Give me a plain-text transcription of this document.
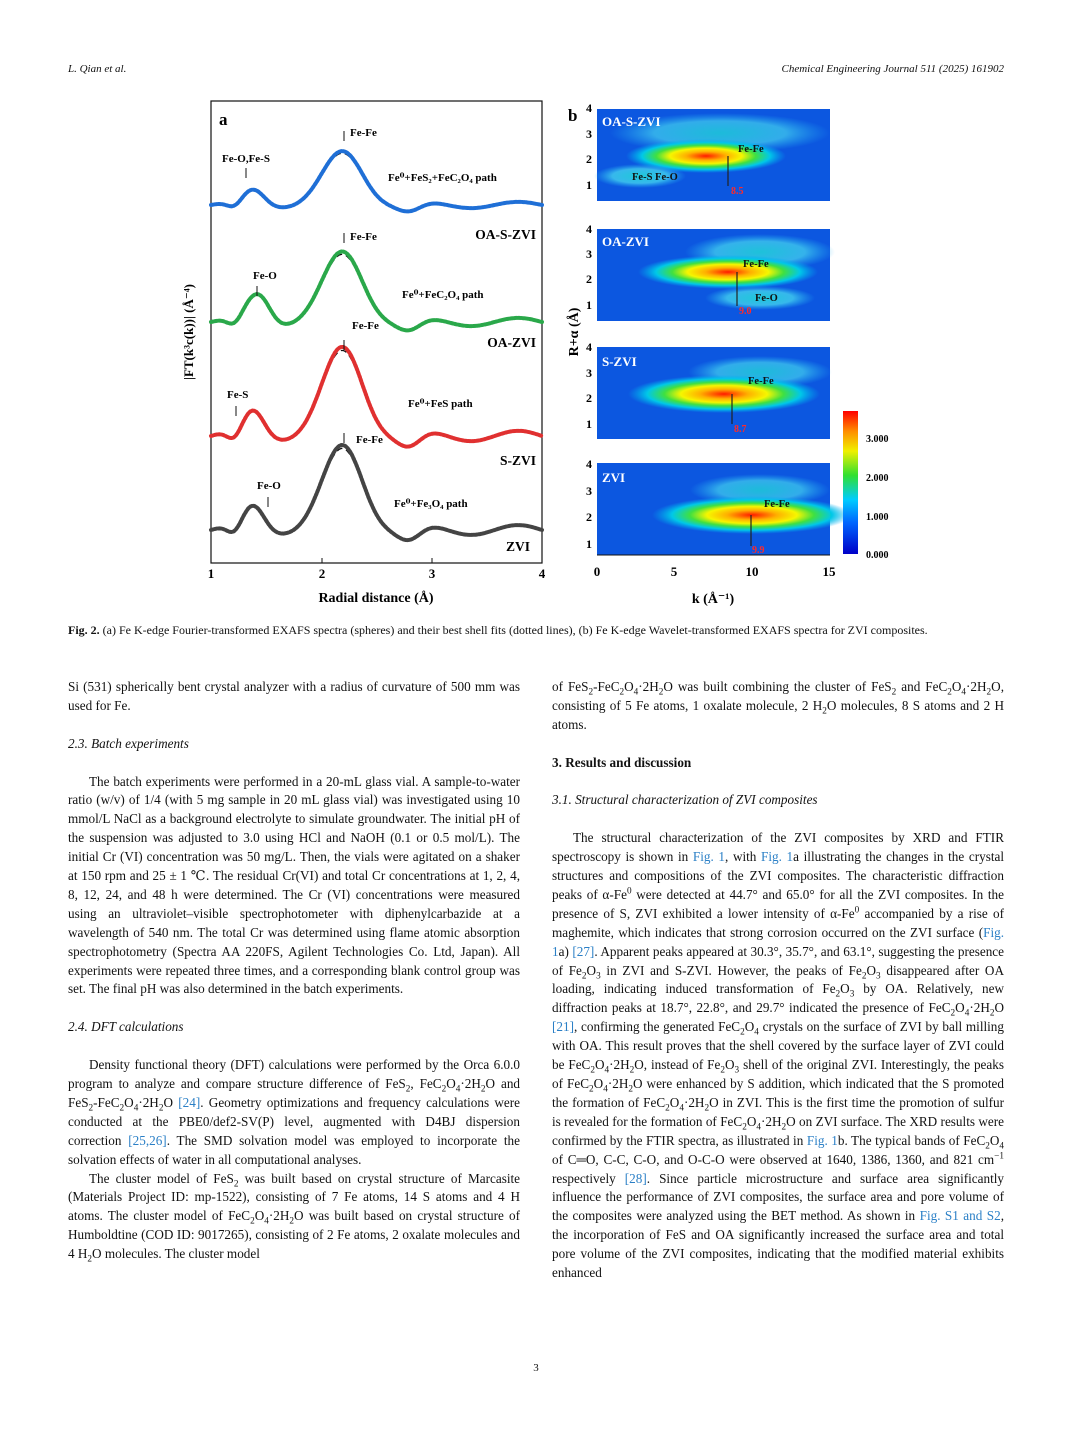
L. Qian et al.	Chemical Engineering Journal 511 (2025) 161902
a
Fe-Fe
Fe-O,Fe-S
Fe⁰+FeS₂+FeC₂O₄ path
OA-S-ZVI
Fe-Fe
Fe-O
Fe⁰+FeC₂O₄ path
OA-ZVI
Fe-Fe
Fe-S
Fe⁰+FeS path
S-ZVI
Fe-Fe
Fe-O
Fe⁰+Fe₃O₄ path
ZVI
1	2	3	4
Radial distance (Å)
|FT(k³c(k))| (Å⁻⁴)
b OA-S-ZVI
Fe-Fe
Fe-S Fe-O
8.5
OA-ZVI
Fe-Fe
Fe-O
9.0
S-ZVI
Fe-Fe
8.7
ZVI
Fe-Fe
9.9
4
3
2
1
4
3
2
1
4
3
2
1
4
3
2
1
R+α (Å)
0	5	10	15
k (Å⁻¹)
3.000
2.000
1.000
0.000
Fig. 2. (a) Fe K-edge Fourier-transformed EXAFS spectra (spheres) and their best shell fits (dotted lines), (b) Fe K-edge Wavelet-transformed EXAFS spectra for ZVI composites.

Si (531) spherically bent crystal analyzer with a radius of curvature of 500 mm was used for Fe.

2.3. Batch experiments

The batch experiments were performed in a 20-mL glass vial. A sample-to-water ratio (w/v) of 1/4 (with 5 mg sample in 20 mL glass vial) was investigated using 10 mmol/L NaCl as a background electrolyte to simulate groundwater. The initial pH of the suspension was adjusted to 3.0 using HCl and NaOH (0.1 or 0.5 mol/L). The initial Cr (VI) concentration was 50 mg/L. Then, the vials were agitated on a shaker at 150 rpm and 25 ± 1 ℃. The residual Cr(VI) and total Cr concentrations at 1, 2, 4, 8, 12, 24, and 48 h were determined. The Cr (VI) concentrations were measured using an ultraviolet–visible spectrophotometer with diphenylcarbazide at a wavelength of 540 nm. The total Cr was determined using flame atomic absorption spectrophotometry (Spectra AA 220FS, Agilent Technologies Co. Ltd, Japan). All experiments were repeated three times, and a corresponding blank control group was set. The final pH was also determined in the batch experiments.

2.4. DFT calculations

Density functional theory (DFT) calculations were performed by the Orca 6.0.0 program to analyze and compare structure difference of FeS$_2$, $FeC_2O_4\cdot 2H_2O$ and $FeS_2-FeC_2O_4\cdot 2H_2O$ [24]. Geometry optimizations and frequency calculations were conducted at the PBE0/def2-SV(P) level, augmented with D4BJ dispersion correction [25,26]. The SMD solvation model was employed to incorporate the solvation effects of water in all computational analyses.

The cluster model of FeS$_2$ was built based on crystal structure of Marcasite (Materials Project ID: mp-1522), consisting of 7 Fe atoms, 14 S atoms and 4 H atoms. The cluster model of $FeC_2O_4\cdot 2H_2O$ was built based on crystal structure of Humboldtine (COD ID: 9017265), consisting of 2 Fe atoms, 2 oxalate molecules and 4 $H_2O$ molecules. The cluster model

of $FeS_2-FeC_2O_4\cdot 2H_2O$ was built combining the cluster of FeS$_2$ and $FeC_2O_4\cdot 2H_2O$, consisting of 5 Fe atoms, 1 oxalate molecule, 2 $H_2O$ molecules, 8 S atoms and 2 H atoms.

3. Results and discussion
3.1. Structural characterization of ZVI composites

The structural characterization of the ZVI composites by XRD and FTIR spectroscopy is shown in Fig. 1, with Fig. 1a illustrating the changes in the crystal structures and compositions of the ZVI composites. The characteristic diffraction peaks of α-Fe$^0$ were detected at 44.7° and 65.0° for all the ZVI composites. In the presence of S, ZVI exhibited a lower intensity of α-Fe$^0$ accompanied by a rise of maghemite, which indicates that strong corrosion occurred on the ZVI surface (Fig. 1a) [27]. Apparent peaks appeared at 30.3°, 35.7°, and 63.1°, suggesting the presence of $Fe_2O_3$ in ZVI and S-ZVI. However, the peaks of $Fe_2O_3$ disappeared after OA loading, indicating induced transformation of $Fe_2O_3$ by OA. Relatively, new diffraction peaks at 18.7°, 22.8°, and 29.7° indicated the presence of $FeC_2O_4\cdot 2H_2O$ [21], confirming the generated $FeC_2O_4$ crystals on the surface of ZVI by ball milling with OA. This result proves that the shell covered by the surface layer of ZVI could be $FeC_2O_4\cdot 2H_2O$, instead of $Fe_2O_3$ shell of the original ZVI. Interestingly, the peaks of $FeC_2O_4\cdot 2H_2O$ were enhanced by S addition, which indicated that the S promoted the formation of $FeC_2O_4\cdot 2H_2O$ in ZVI. This is the first time the promotion of sulfur is revealed for the formation of $FeC_2O_4\cdot 2H_2O$ on ZVI surface. The XRD results were confirmed by the FTIR spectra, as illustrated in Fig. 1b. The typical bands of $FeC_2O_4$ of C═O, C-C, C-O, and O-C-O were observed at 1640, 1386, 1360, and 821 $cm^{-1}$ respectively [28]. Since particle microstructure and surface area significantly influence the performance of ZVI composites, the surface area and pore volume of the composites were analyzed using the BET method. As shown in Fig. S1 and S2, the incorporation of FeS and OA significantly increased the surface area and total pore volume of the ZVI composites, indicating that the modified material exhibits enhanced

3
